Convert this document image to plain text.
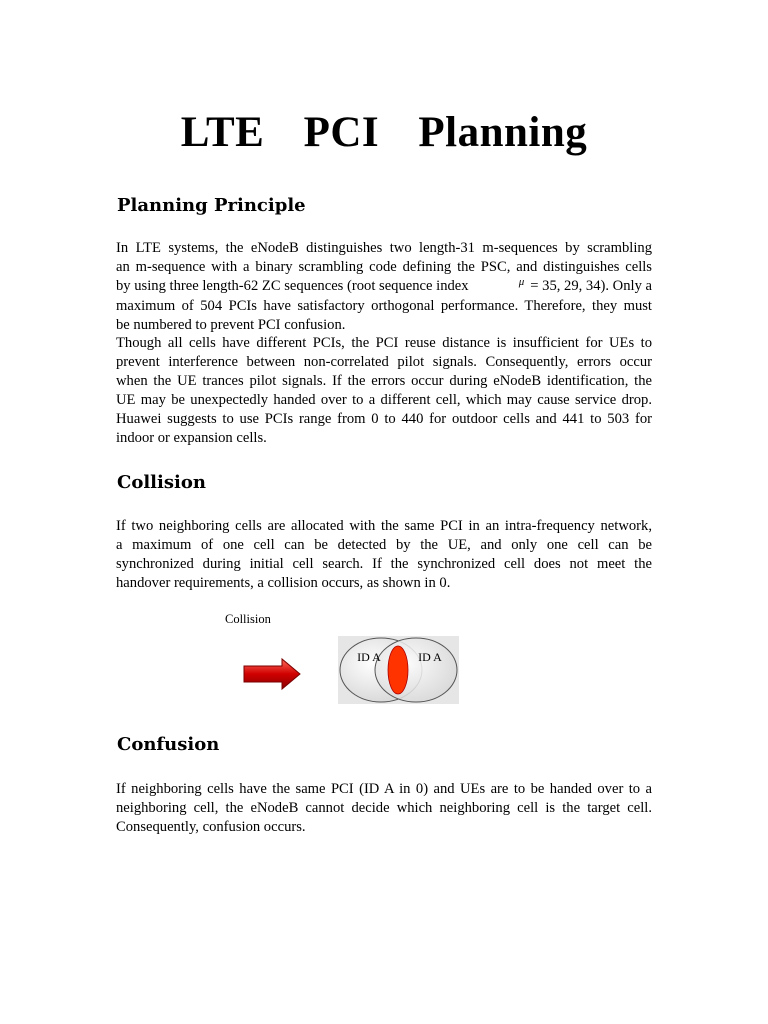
LTE PCI Planning
Planning Principle
In LTE systems, the eNodeB distinguishes two length-31 m-sequences by scrambling
an m-sequence with a binary scrambling code defining the PSC, and distinguishes cells
by using three length-62 ZC sequences (root sequence index	$^\mu$ = 35, 29, 34). Only a
maximum of 504 PCIs have satisfactory orthogonal performance. Therefore, they must
be numbered to prevent PCI confusion.
Though all cells have different PCIs, the PCI reuse distance is insufficient for UEs to
prevent interference between non-correlated pilot signals. Consequently, errors occur
when the UE trances pilot signals. If the errors occur during eNodeB identification, the
UE may be unexpectedly handed over to a different cell, which may cause service drop.
Huawei suggests to use PCIs range from 0 to 440 for outdoor cells and 441 to 503 for
indoor or expansion cells.
Collision
If two neighboring cells are allocated with the same PCI in an intra-frequency network,
a maximum of one cell can be detected by the UE, and only one cell can be
synchronized during initial cell search. If the synchronized cell does not meet the
handover requirements, a collision occurs, as shown in 0.

Collision

ID A	ID A
Confusion
If neighboring cells have the same PCI (ID A in 0) and UEs are to be handed over to a
neighboring cell, the eNodeB cannot decide which neighboring cell is the target cell.
Consequently, confusion occurs.
